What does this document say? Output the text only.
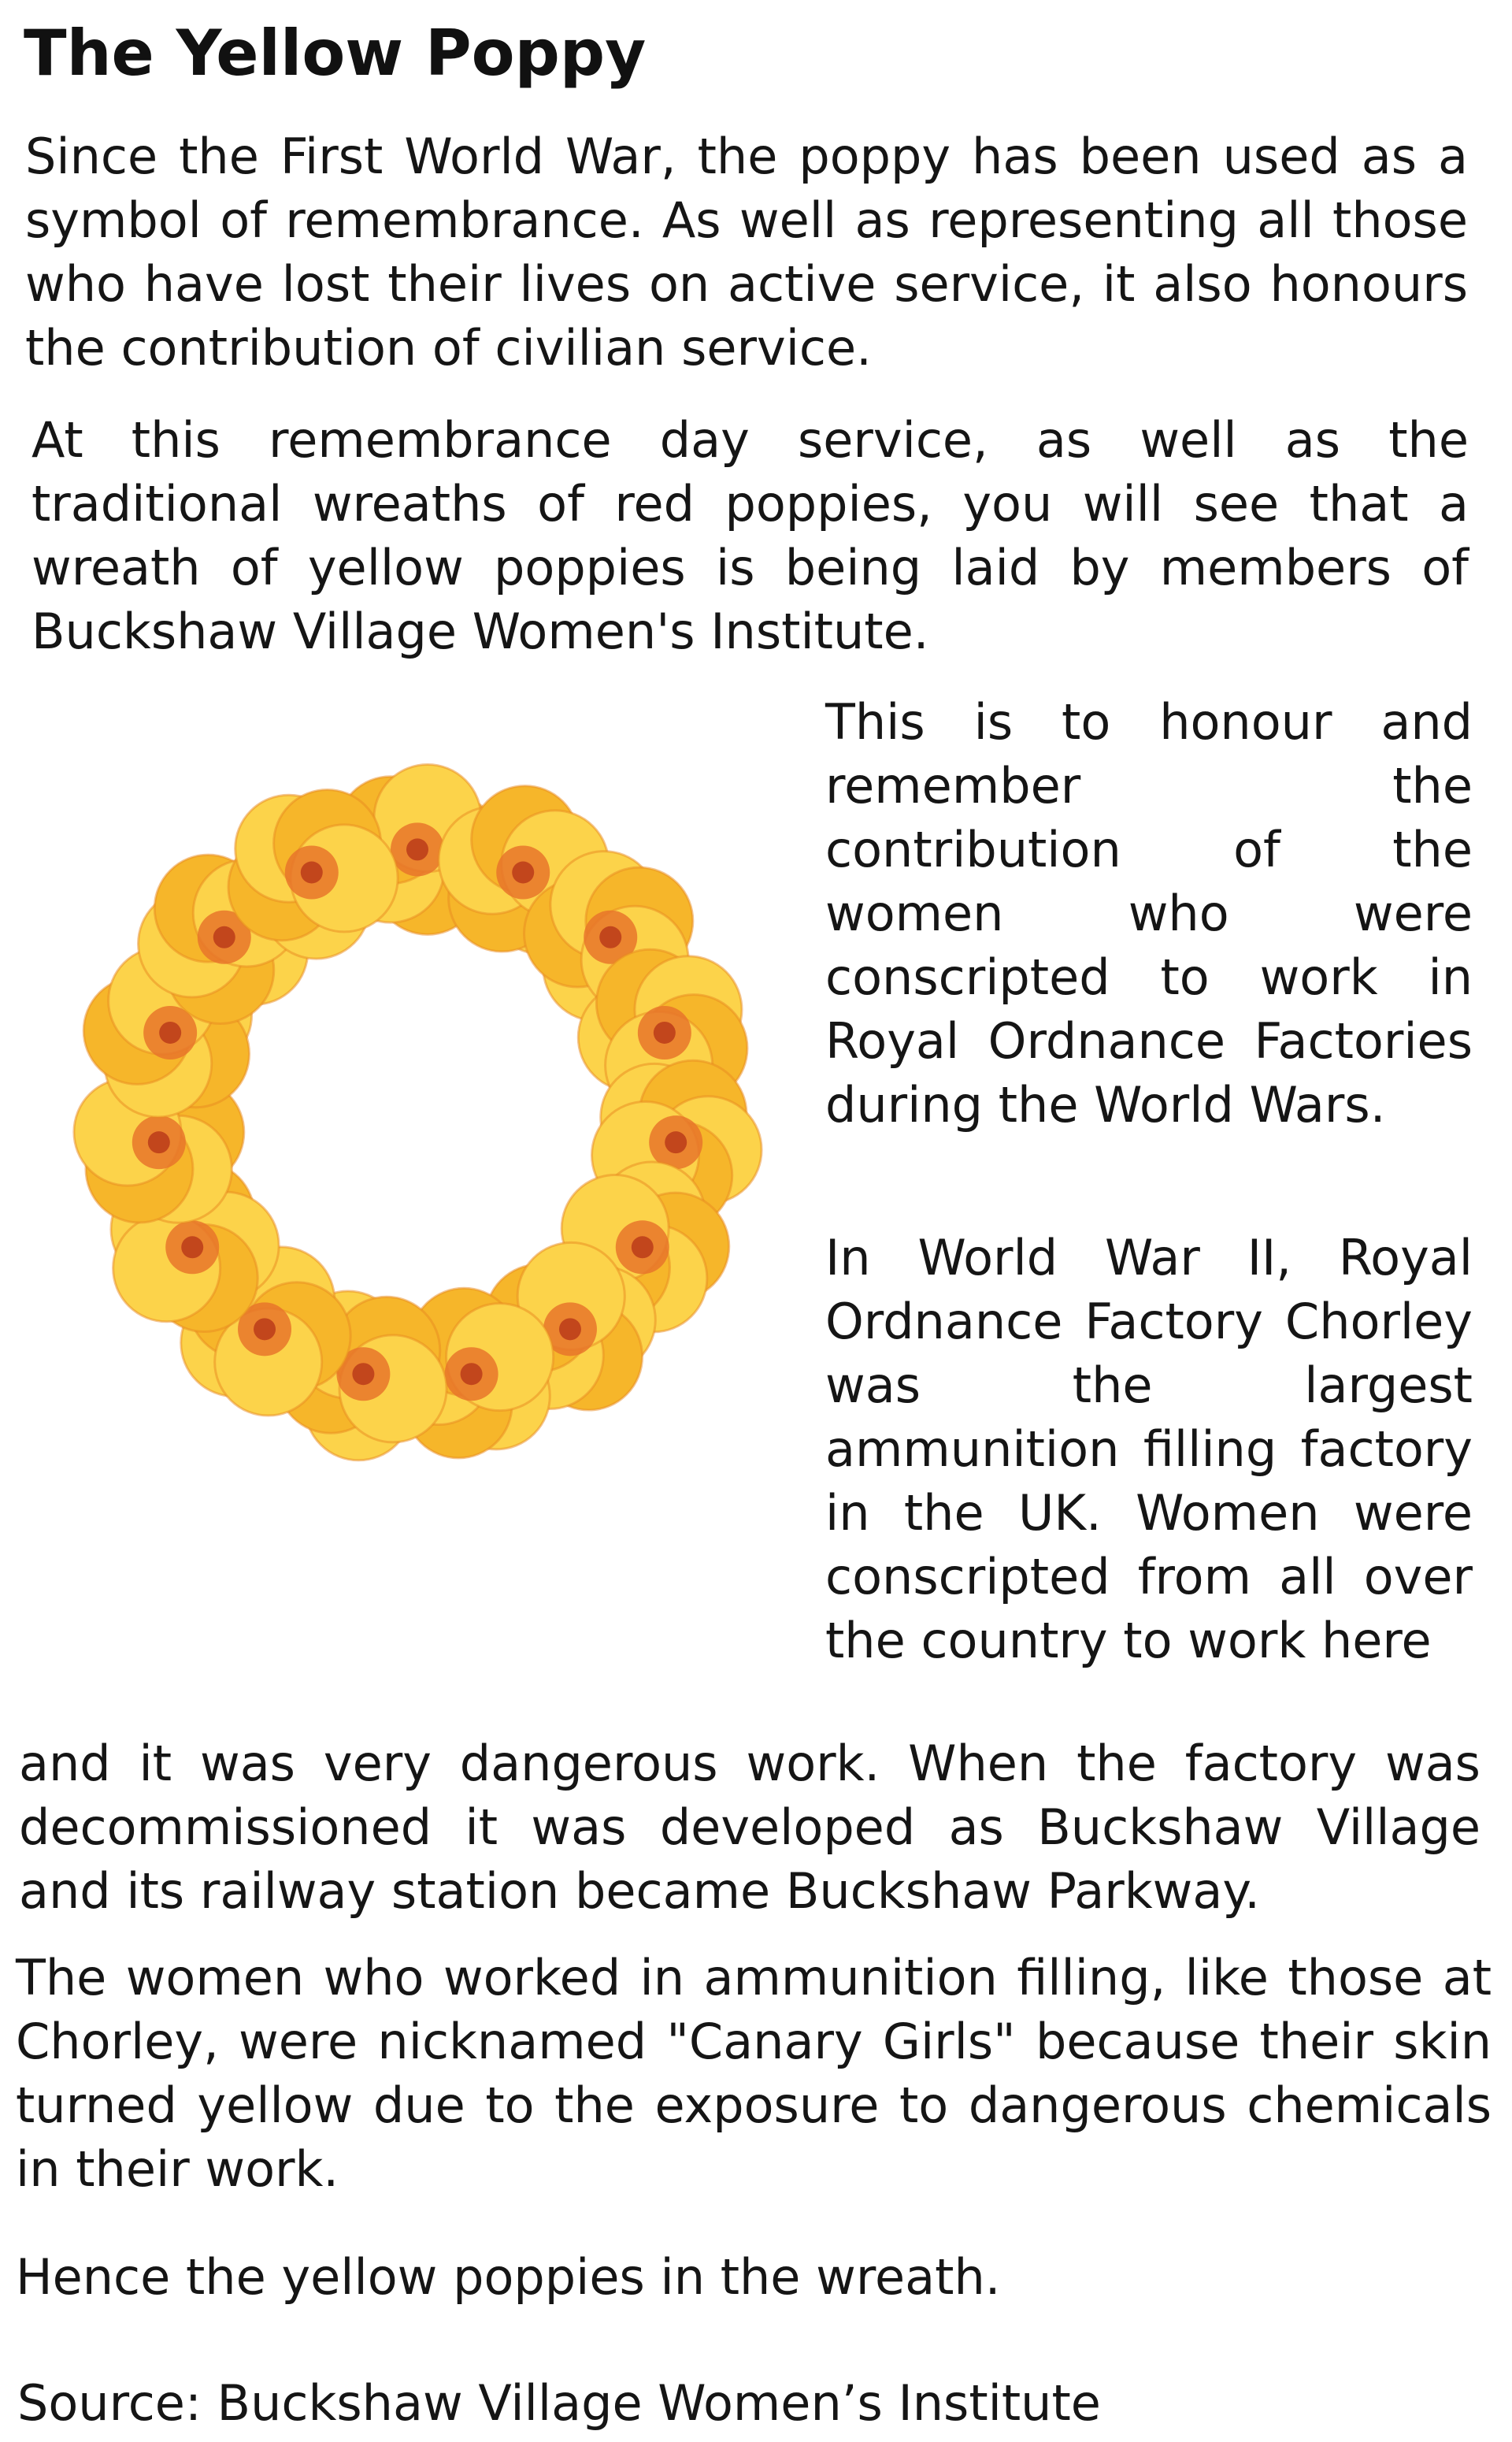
The Yellow Poppy

Since the First World War, the poppy has been used as a symbol of remembrance. As well as representing all those who have lost their lives on active service, it also honours the contribution of civilian service.

At this remembrance day service, as well as the traditional wreaths of red poppies, you will see that a wreath of yellow poppies is being laid by members of Buckshaw Village Women's Institute.

This is to honour and remember the contribution of the women who were conscripted to work in Royal Ordnance Factories during the World Wars.

In World War II, Royal Ordnance Factory Chorley was the largest ammunition filling factory in the UK. Women were conscripted from all over the country to work here

and it was very dangerous work. When the factory was decommissioned it was developed as Buckshaw Village and its railway station became Buckshaw Parkway.

The women who worked in ammunition filling, like those at Chorley, were nicknamed "Canary Girls" because their skin turned yellow due to the exposure to dangerous chemicals in their work.

Hence the yellow poppies in the wreath.

Source: Buckshaw Village Women’s Institute
